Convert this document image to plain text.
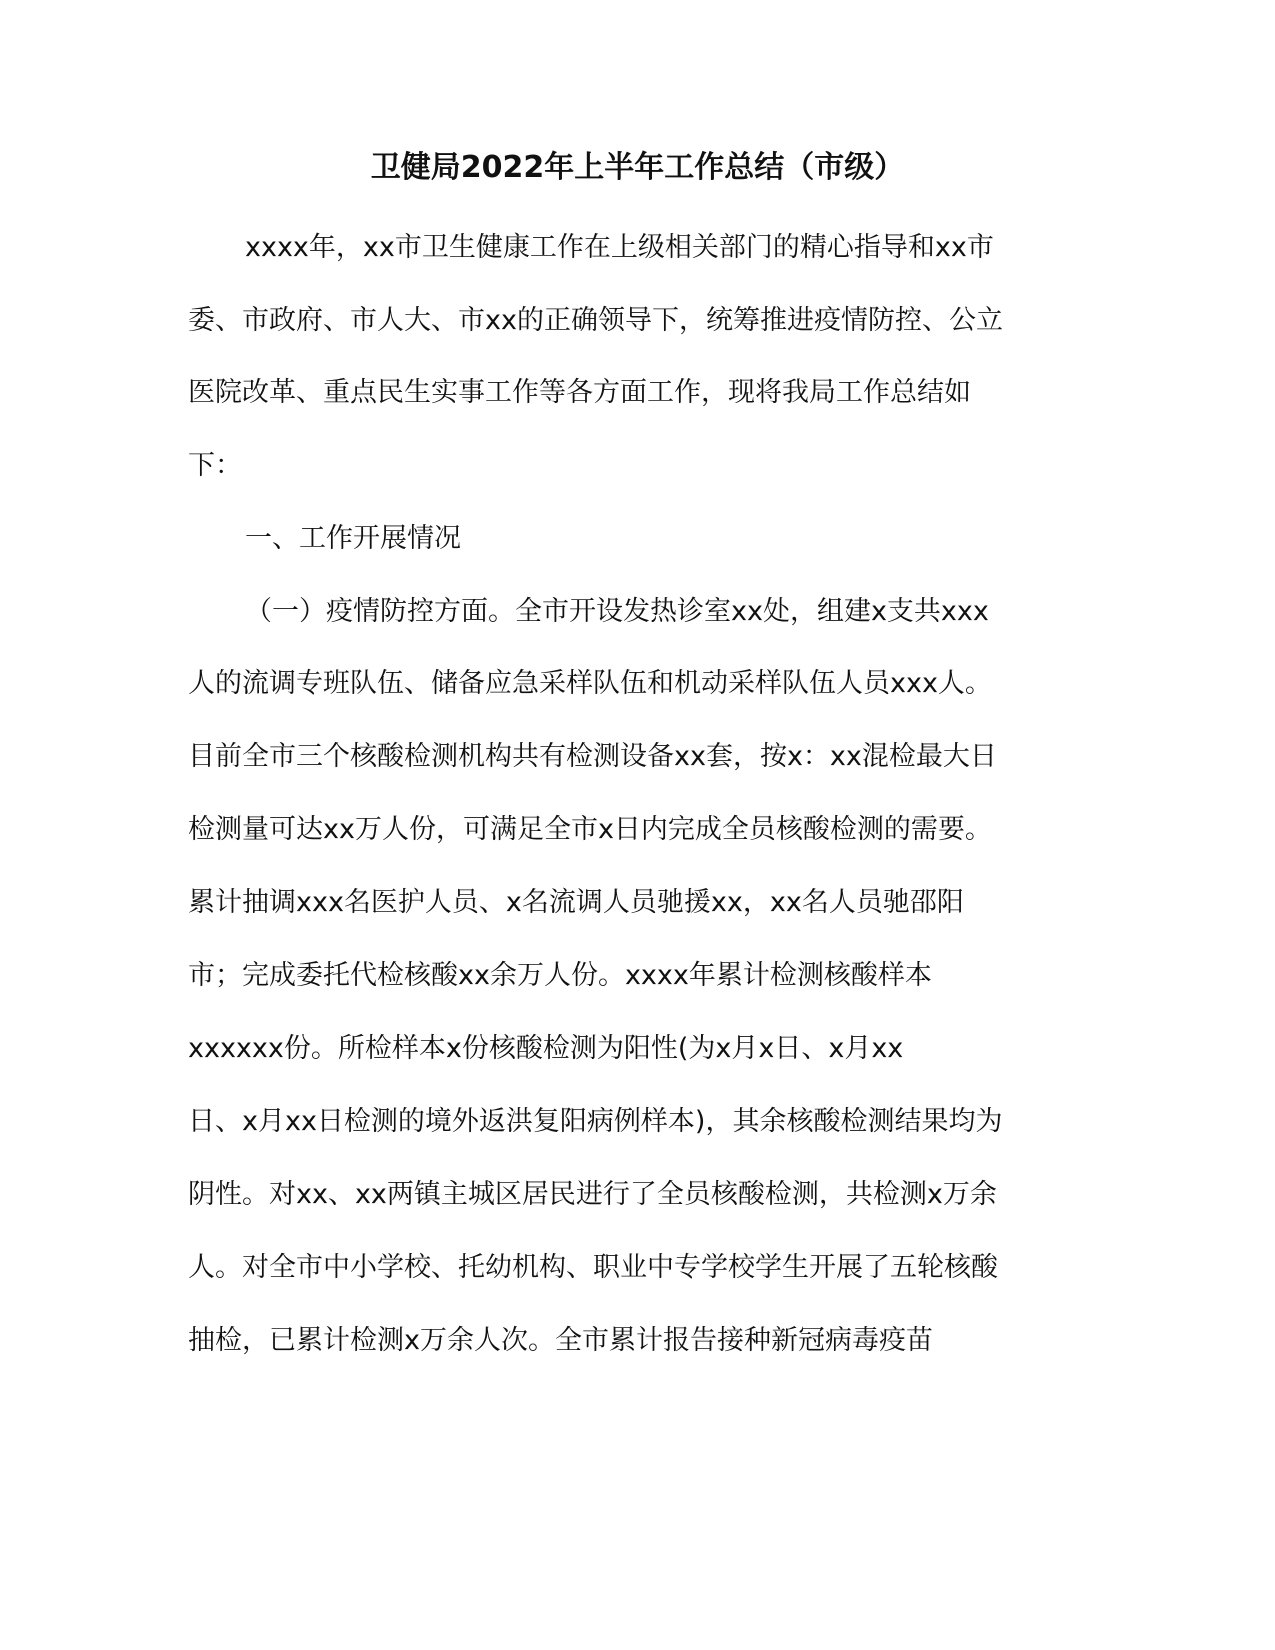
卫健局2022年上半年工作总结（市级）
xxxx年，xx市卫生健康工作在上级相关部门的精心指导和xx市
委、市政府、市人大、市xx的正确领导下，统筹推进疫情防控、公立
医院改革、重点民生实事工作等各方面工作，现将我局工作总结如
下：
一、工作开展情况
（一）疫情防控方面。全市开设发热诊室xx处，组建x支共xxx
人的流调专班队伍、储备应急采样队伍和机动采样队伍人员xxx人。
目前全市三个核酸检测机构共有检测设备xx套，按x：xx混检最大日
检测量可达xx万人份，可满足全市x日内完成全员核酸检测的需要。
累计抽调xxx名医护人员、x名流调人员驰援xx，xx名人员驰邵阳
市；完成委托代检核酸xx余万人份。xxxx年累计检测核酸样本
xxxxxx份。所检样本x份核酸检测为阳性(为x月x日、x月xx
日、x月xx日检测的境外返洪复阳病例样本)，其余核酸检测结果均为
阴性。对xx、xx两镇主城区居民进行了全员核酸检测，共检测x万余
人。对全市中小学校、托幼机构、职业中专学校学生开展了五轮核酸
抽检，已累计检测x万余人次。全市累计报告接种新冠病毒疫苗
